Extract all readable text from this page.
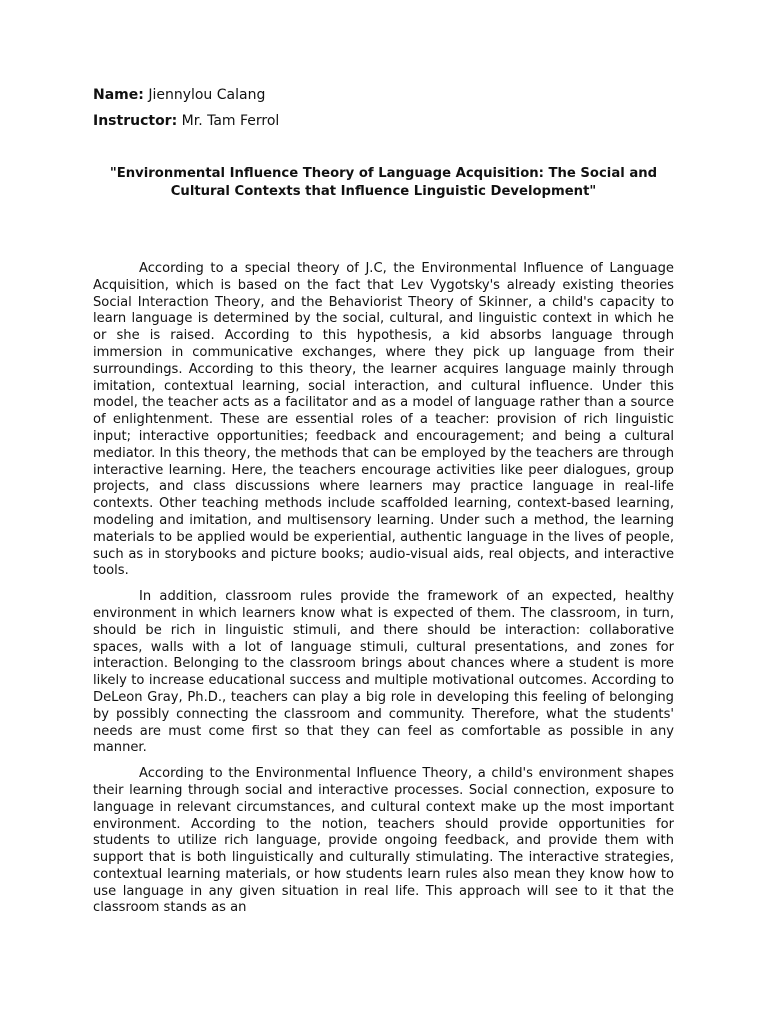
Name: Jiennylou Calang
Instructor: Mr. Tam Ferrol
"Environmental Influence Theory of Language Acquisition: The Social and Cultural Contexts that Influence Linguistic Development"

According to a special theory of J.C, the Environmental Influence of Language Acquisition, which is based on the fact that Lev Vygotsky's already existing theories Social Interaction Theory, and the Behaviorist Theory of Skinner, a child's capacity to learn language is determined by the social, cultural, and linguistic context in which he or she is raised. According to this hypothesis, a kid absorbs language through immersion in communicative exchanges, where they pick up language from their surroundings. According to this theory, the learner acquires language mainly through imitation, contextual learning, social interaction, and cultural influence. Under this model, the teacher acts as a facilitator and as a model of language rather than a source of enlightenment. These are essential roles of a teacher: provision of rich linguistic input; interactive opportunities; feedback and encouragement; and being a cultural mediator. In this theory, the methods that can be employed by the teachers are through interactive learning. Here, the teachers encourage activities like peer dialogues, group projects, and class discussions where learners may practice language in real-life contexts. Other teaching methods include scaffolded learning, context-based learning, modeling and imitation, and multisensory learning. Under such a method, the learning materials to be applied would be experiential, authentic language in the lives of people, such as in storybooks and picture books; audio-visual aids, real objects, and interactive tools.

In addition, classroom rules provide the framework of an expected, healthy environment in which learners know what is expected of them. The classroom, in turn, should be rich in linguistic stimuli, and there should be interaction: collaborative spaces, walls with a lot of language stimuli, cultural presentations, and zones for interaction. Belonging to the classroom brings about chances where a student is more likely to increase educational success and multiple motivational outcomes. According to DeLeon Gray, Ph.D., teachers can play a big role in developing this feeling of belonging by possibly connecting the classroom and community. Therefore, what the students' needs are must come first so that they can feel as comfortable as possible in any manner.

According to the Environmental Influence Theory, a child's environment shapes their learning through social and interactive processes. Social connection, exposure to language in relevant circumstances, and cultural context make up the most important environment. According to the notion, teachers should provide opportunities for students to utilize rich language, provide ongoing feedback, and provide them with support that is both linguistically and culturally stimulating. The interactive strategies, contextual learning materials, or how students learn rules also mean they know how to use language in any given situation in real life. This approach will see to it that the classroom stands as an
